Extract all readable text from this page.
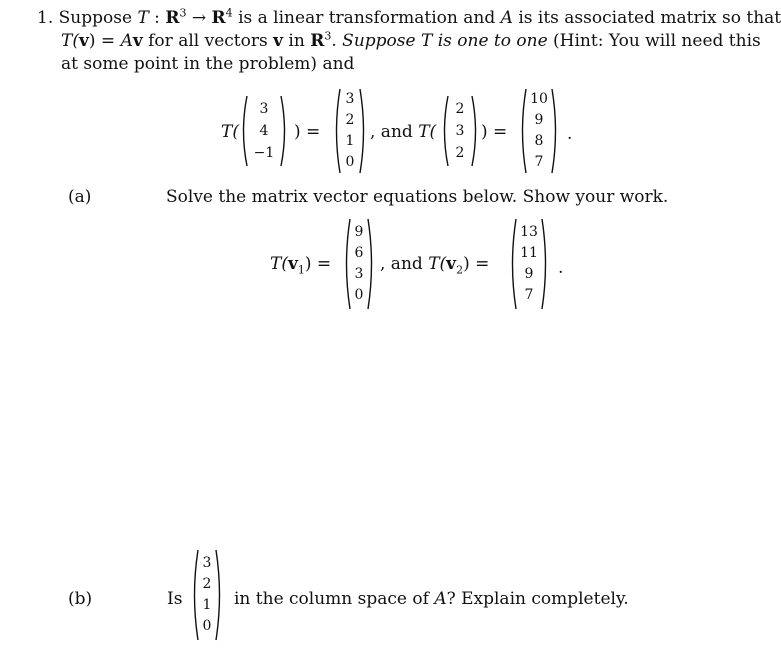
1. Suppose T : $R^3 \to R^4$ is a linear transformation and A is its associated matrix so that
T(v) = Av for all vectors v in $R^3$. Suppose T is one to one (Hint: You will need this
at some point in the problem) and
T(
3
4
−1
) =
3
2
1
0
, and T(
2
3
2
) =
10
9
8
7
.
(a)	Solve the matrix vector equations below. Show your work.
$T(v_1)$ =
9
6
3
0
, and $T(v_2)$ =
13
11
9
7
.
(b)	Is
3
2
1
0
in the column space of A? Explain completely.
